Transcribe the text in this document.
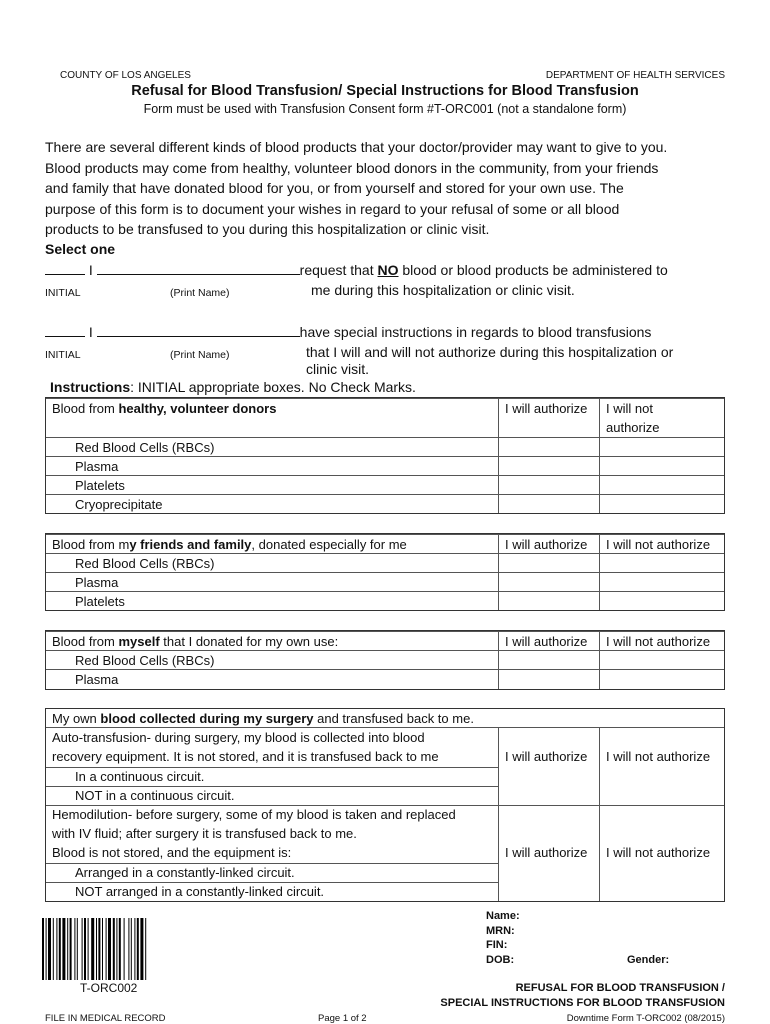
COUNTY OF LOS ANGELES	DEPARTMENT OF HEALTH SERVICES
Refusal for Blood Transfusion/ Special Instructions for Blood Transfusion
Form must be used with Transfusion Consent form #T-ORC001 (not a standalone form)
There are several different kinds of blood products that your doctor/provider may want to give to you.
Blood products may come from healthy, volunteer blood donors in the community, from your friends
and family that have donated blood for you, or from yourself and stored for your own use. The
purpose of this form is to document your wishes in regard to your refusal of some or all blood
products to be transfused to you during this hospitalization or clinic visit.
Select one
I	request that NO blood or blood products be administered to
INITIAL	(Print Name)	me during this hospitalization or clinic visit.
I	have special instructions in regards to blood transfusions
INITIAL	(Print Name)	that I will and will not authorize during this hospitalization or
clinic visit.
Instructions: INITIAL appropriate boxes. No Check Marks.
Blood from healthy, volunteer donors	I will authorize I will not
authorize
Red Blood Cells (RBCs)
Plasma
Platelets
Cryoprecipitate
Blood from my friends and family, donated especially for me	I will authorize I will not authorize
Red Blood Cells (RBCs)
Plasma
Platelets
Blood from myself that I donated for my own use:	I will authorize I will not authorize
Red Blood Cells (RBCs)
Plasma
My own blood collected during my surgery and transfused back to me.
Auto-transfusion- during surgery, my blood is collected into blood
recovery equipment. It is not stored, and it is transfused back to me	I will authorize I will not authorize
In a continuous circuit.
NOT in a continuous circuit.
Hemodilution- before surgery, some of my blood is taken and replaced
with IV fluid; after surgery it is transfused back to me.
Blood is not stored, and the equipment is:	I will authorize I will not authorize
Arranged in a constantly-linked circuit.
NOT arranged in a constantly-linked circuit.
T-ORC002
Name:
MRN:
FIN:
DOB:	Gender:
REFUSAL FOR BLOOD TRANSFUSION /
SPECIAL INSTRUCTIONS FOR BLOOD TRANSFUSION
FILE IN MEDICAL RECORD	Page 1 of 2	Downtime Form T-ORC002 (08/2015)
